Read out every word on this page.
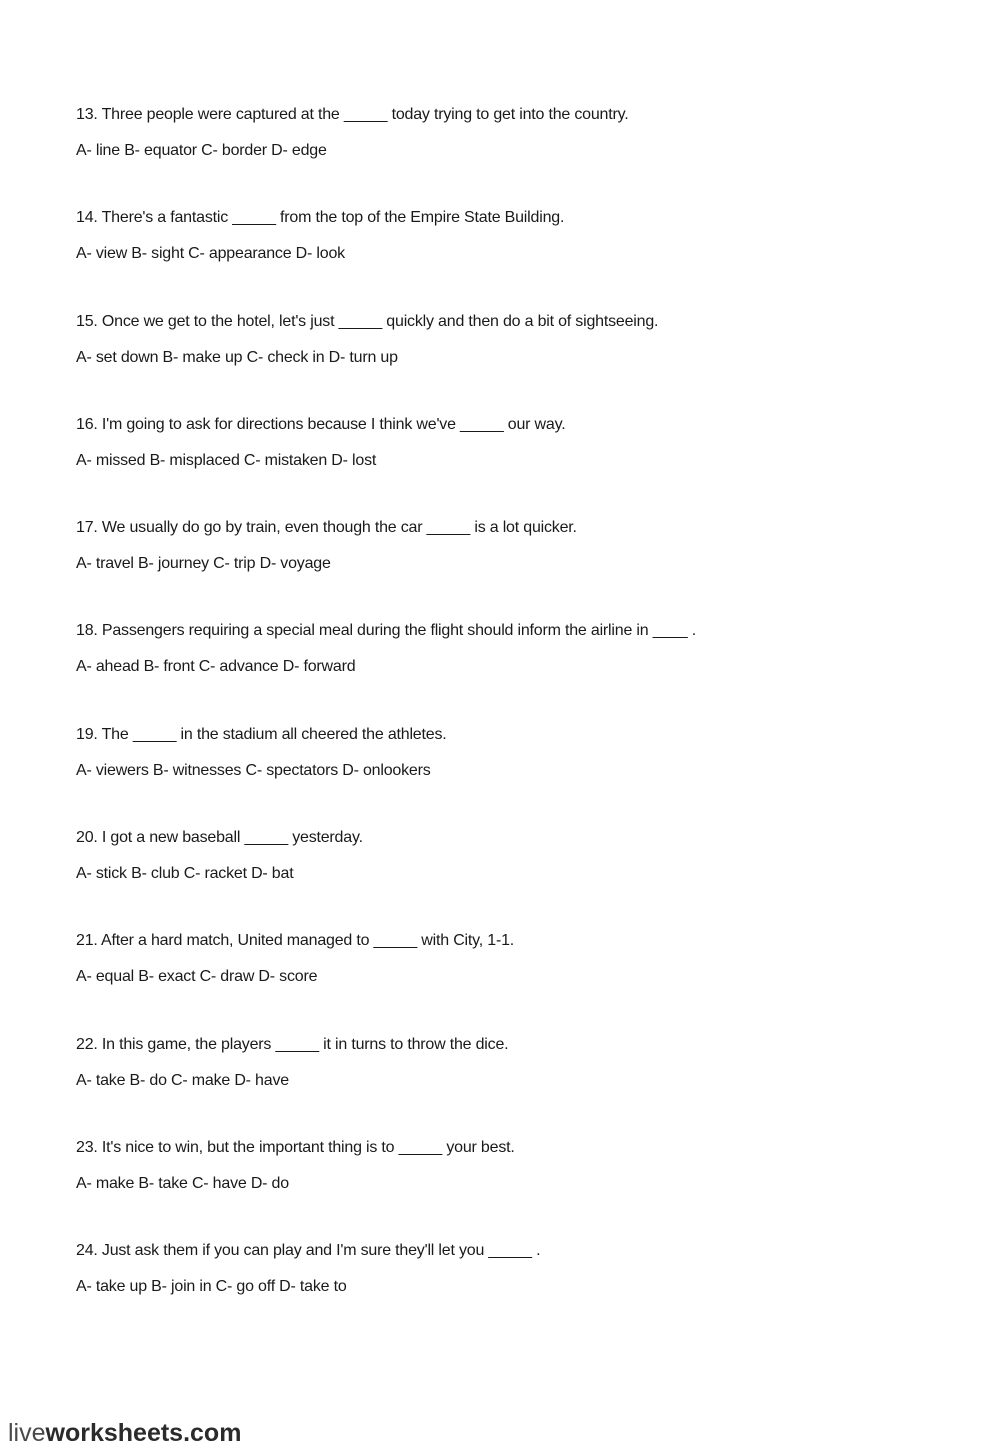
13. Three people were captured at the _____ today trying to get into the country.

A- line B- equator C- border D- edge

14. There's a fantastic _____ from the top of the Empire State Building.

A- view B- sight C- appearance D- look

15. Once we get to the hotel, let's just _____ quickly and then do a bit of sightseeing.

A- set down B- make up C- check in D- turn up

16. I'm going to ask for directions because I think we've _____ our way.

A- missed B- misplaced C- mistaken D- lost

17. We usually do go by train, even though the car _____ is a lot quicker.

A- travel B- journey C- trip D- voyage

18. Passengers requiring a special meal during the flight should inform the airline in ____ .

A- ahead B- front C- advance D- forward

19. The _____ in the stadium all cheered the athletes.

A- viewers B- witnesses C- spectators D- onlookers

20. I got a new baseball _____ yesterday.

A- stick B- club C- racket D- bat

21. After a hard match, United managed to _____ with City, 1-1.

A- equal B- exact C- draw D- score

22. In this game, the players _____ it in turns to throw the dice.

A- take B- do C- make D- have

23. It's nice to win, but the important thing is to _____ your best.

A- make B- take C- have D- do

24. Just ask them if you can play and I'm sure they'll let you _____ .

A- take up B- join in C- go off D- take to
liveworksheets.com
